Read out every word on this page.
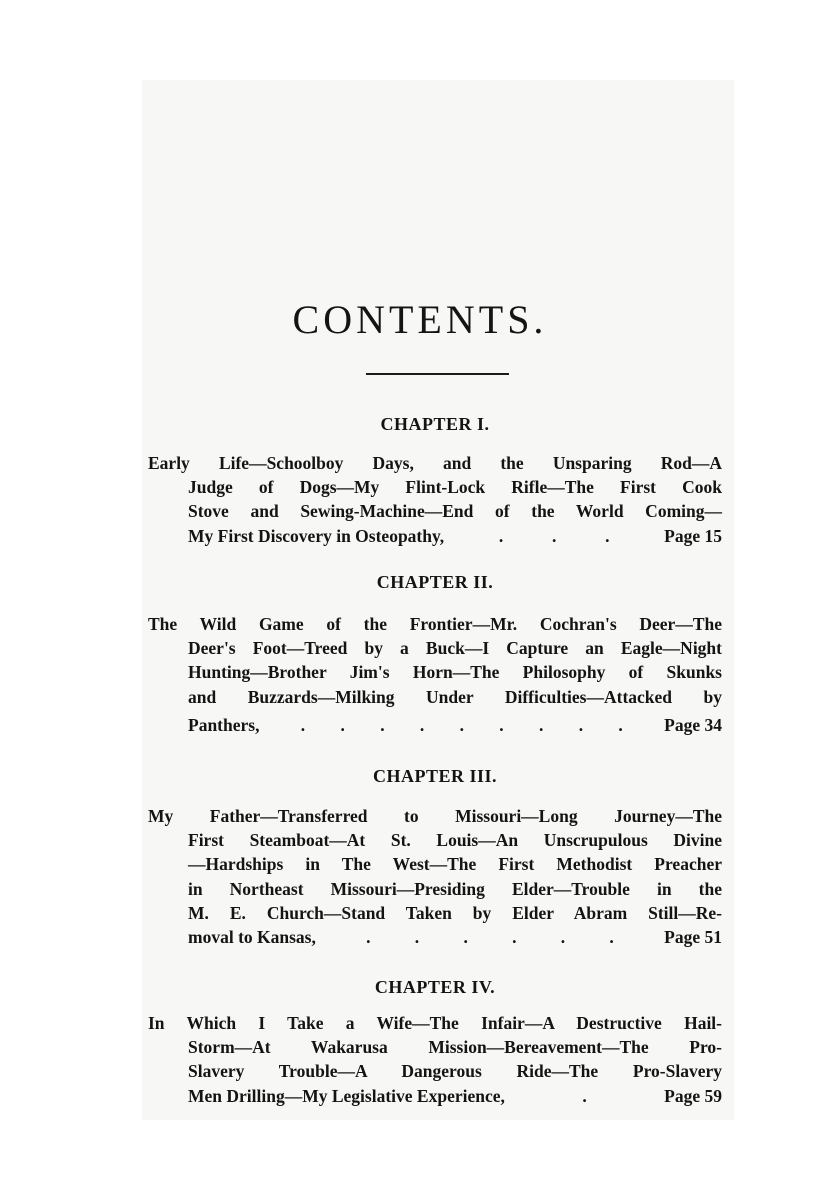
CONTENTS.
CHAPTER I.
Early Life—Schoolboy Days, and the Unsparing Rod—A
Judge of Dogs—My Flint-Lock Rifle—The First Cook
Stove and Sewing-Machine—End of the World Coming—
My First Discovery in Osteopathy,	.	.	.	Page 15
CHAPTER II.
The Wild Game of the Frontier—Mr. Cochran's Deer—The
Deer's Foot—Treed by a Buck—I Capture an Eagle—Night
Hunting—Brother Jim's Horn—The Philosophy of Skunks
and Buzzards—Milking Under Difficulties—Attacked by
Panthers, . . . . . . . . . Page 34
CHAPTER III.
My Father—Transferred to Missouri—Long Journey—The
First Steamboat—At St. Louis—An Unscrupulous Divine
—Hardships in The West—The First Methodist Preacher
in Northeast Missouri—Presiding Elder—Trouble in the
M. E. Church—Stand Taken by Elder Abram Still—Re-
moval to Kansas,	.	.	.	.	.	.	Page 51
CHAPTER IV.
In Which I Take a Wife—The Infair—A Destructive Hail-
Storm—At Wakarusa Mission—Bereavement—The Pro-
Slavery Trouble—A Dangerous Ride—The Pro-Slavery
Men Drilling—My Legislative Experience,	.	Page 59
